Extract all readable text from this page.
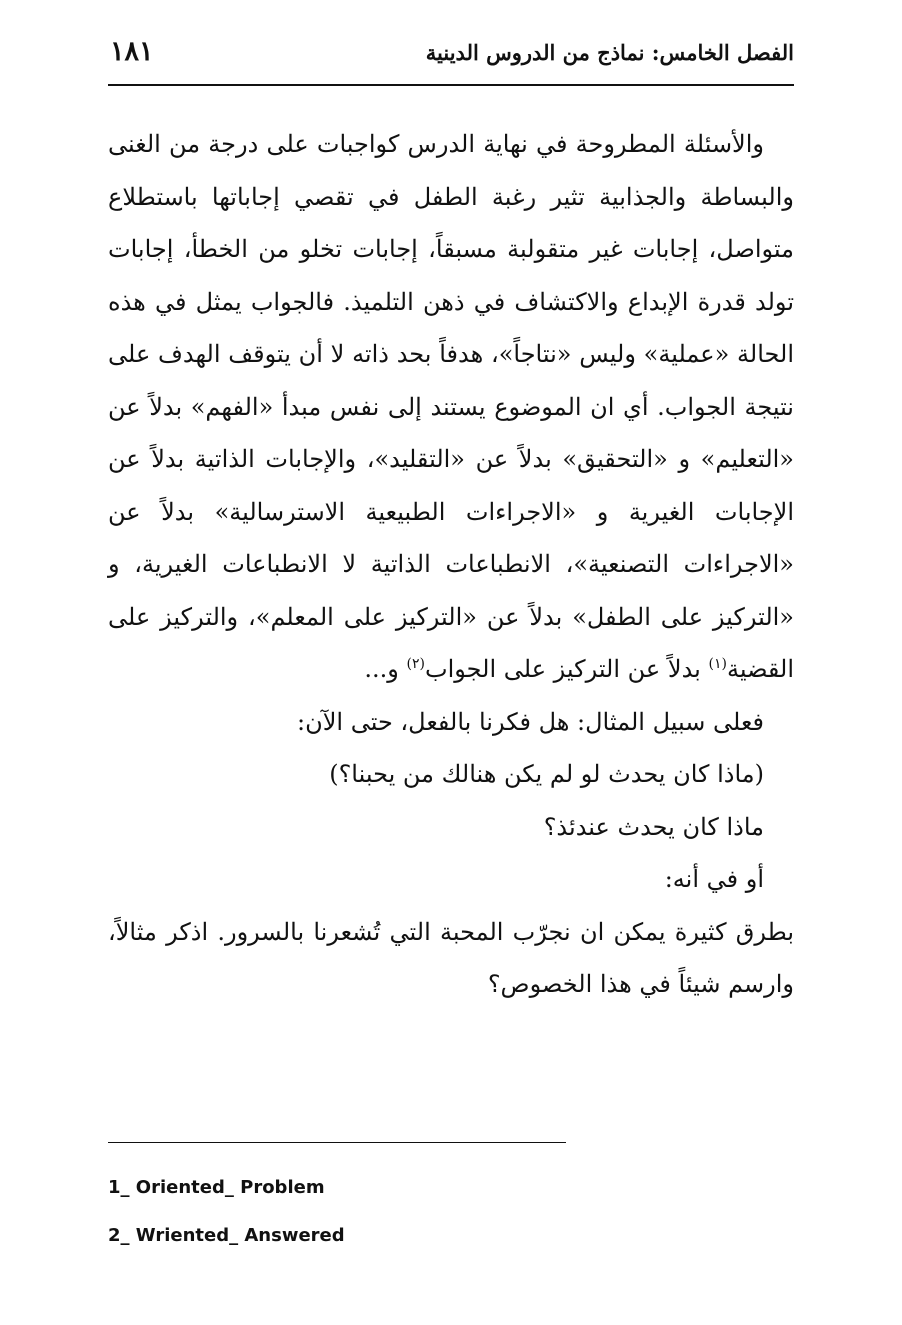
الفصل الخامس: نماذج من الدروس الدينية
١٨١

والأسئلة المطروحة في نهاية الدرس كواجبات على درجة من الغنى والبساطة والجذابية تثير رغبة الطفل في تقصي إجاباتها باستطلاع متواصل، إجابات غير متقولبة مسبقاً، إجابات تخلو من الخطأ، إجابات تولد قدرة الإبداع والاكتشاف في ذهن التلميذ. فالجواب يمثل في هذه الحالة «عملية» وليس «نتاجاً»، هدفاً بحد ذاته لا أن يتوقف الهدف على نتيجة الجواب. أي ان الموضوع يستند إلى نفس مبدأ «الفهم» بدلاً عن «التعليم» و «التحقيق» بدلاً عن «التقليد»، والإجابات الذاتية بدلاً عن الإجابات الغيرية و «الاجراءات الطبيعية الاسترسالية» بدلاً عن «الاجراءات التصنعية»، الانطباعات الذاتية لا الانطباعات الغيرية، و «التركيز على الطفل» بدلاً عن «التركيز على المعلم»، والتركيز على القضية$^{(١)}$ بدلاً عن التركيز على الجواب$^{(٢)}$ و...

فعلى سبيل المثال: هل فكرنا بالفعل، حتى الآن:

(ماذا كان يحدث لو لم يكن هنالك من يحبنا؟)

ماذا كان يحدث عندئذ؟

أو في أنه:

بطرق كثيرة يمكن ان نجرّب المحبة التي تُشعرنا بالسرور. اذكر مثالاً، وارسم شيئاً في هذا الخصوص؟

1_ Oriented_ Problem
2_ Wriented_ Answered
